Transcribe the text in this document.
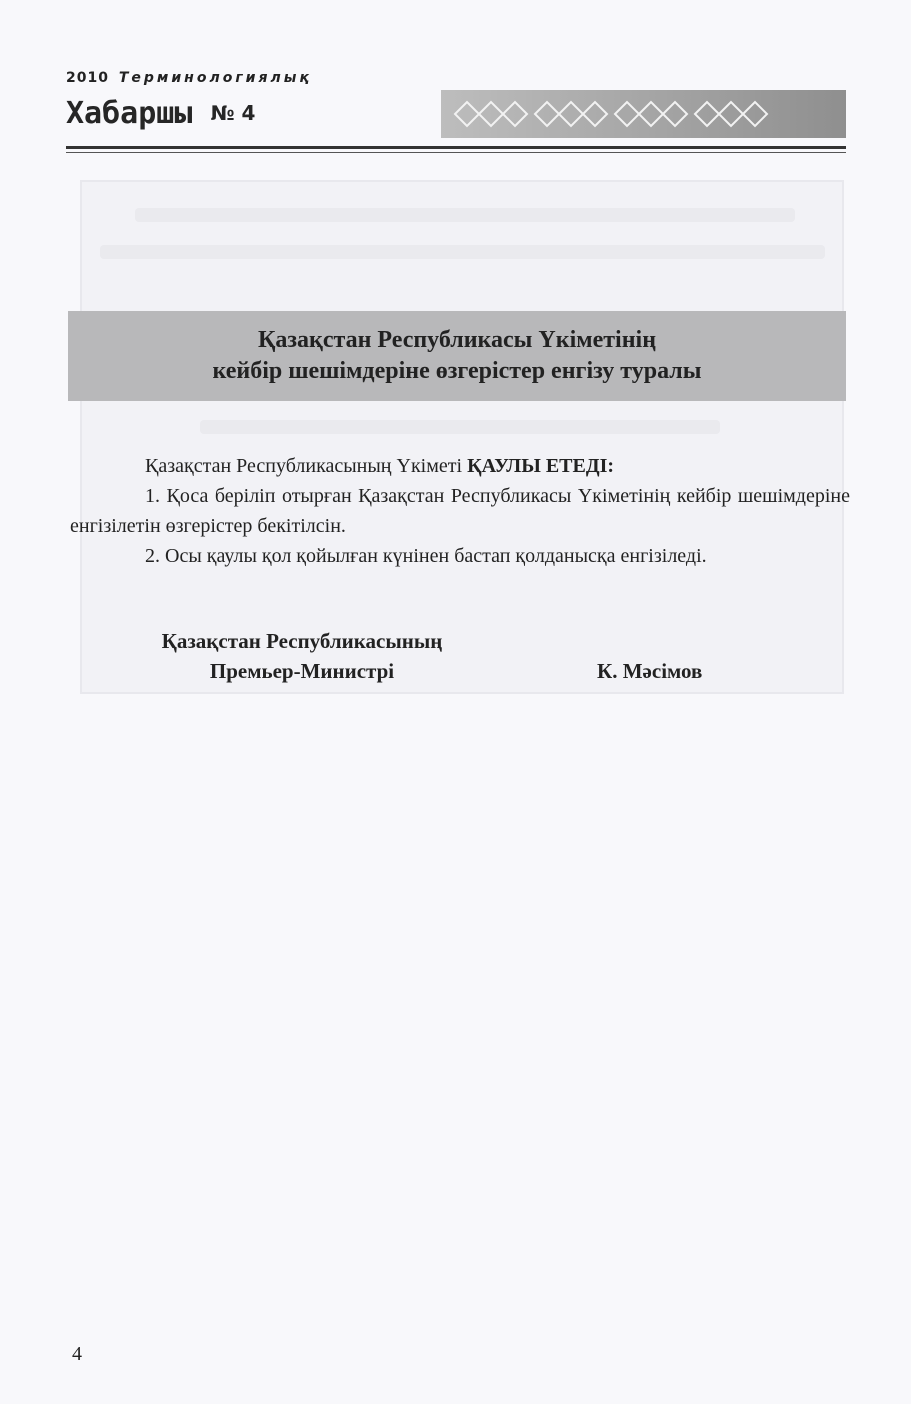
2010 Терминологиялық
Хабаршы № 4
Қазақстан Республикасы Үкіметінің
кейбір шешімдеріне өзгерістер енгізу туралы

Қазақстан Республикасының Үкіметі ҚАУЛЫ ЕТЕДІ:

1. Қоса беріліп отырған Қазақстан Республикасы Үкіметінің кейбір шешімдеріне енгізілетін өзгерістер бекітілсін.

2. Осы қаулы қол қойылған күнінен бастап қолданысқа енгізіледі.

Қазақстан Республикасының
Премьер-Министрі	К. Мәсімов
4
